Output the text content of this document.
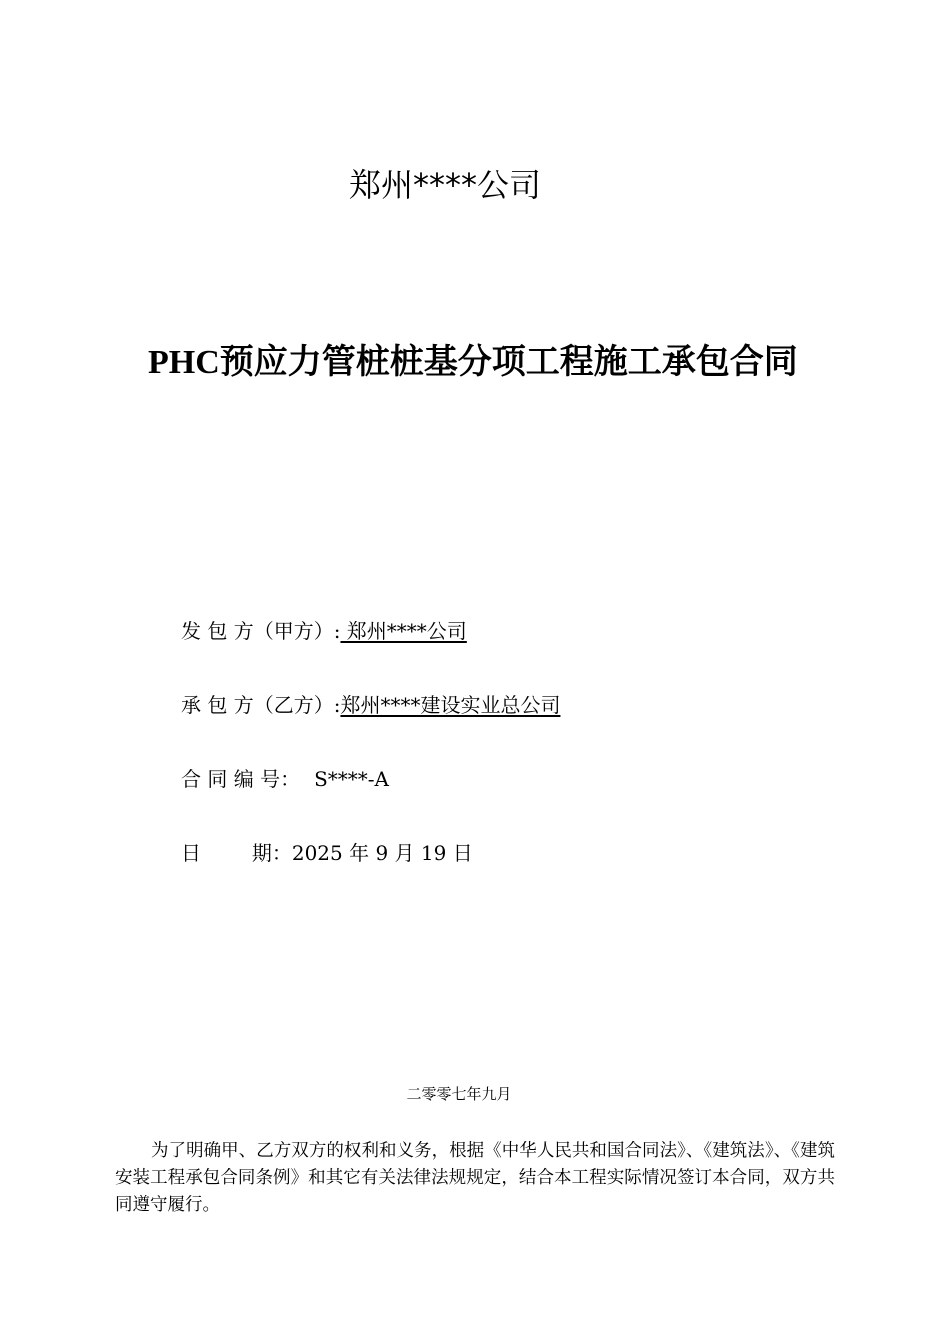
郑州****公司
PHC预应力管桩桩基分项工程施工承包合同
发 包 方（甲方）: 郑州****公司
承 包 方（乙方）:郑州****建设实业总公司
合 同 编 号： S****-A
日        期：2025 年 9 月 19 日
二零零七年九月
为了明确甲、乙方双方的权利和义务，根据《中华人民共和国合同法》、《建筑法》、《建筑安装工程承包合同条例》和其它有关法律法规规定，结合本工程实际情况签订本合同，双方共同遵守履行。
